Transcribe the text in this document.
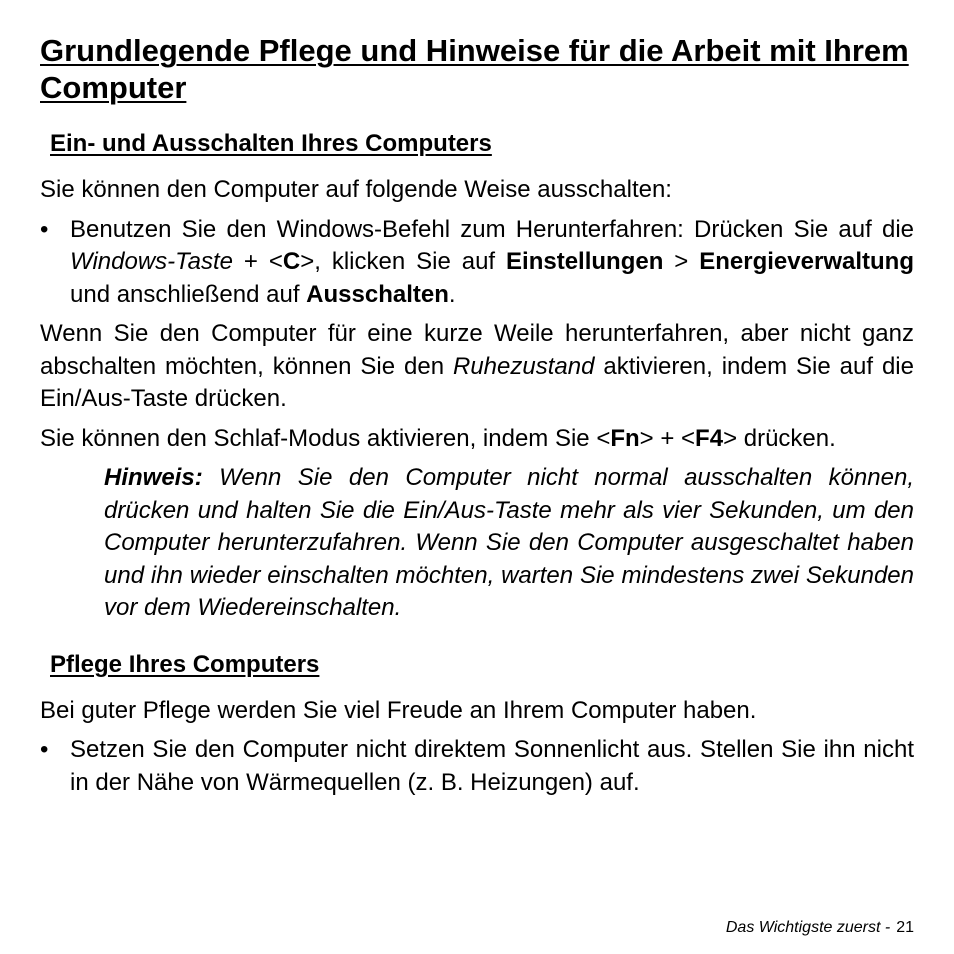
Grundlegende Pflege und Hinweise für die Arbeit mit Ihrem Computer
Ein- und Ausschalten Ihres Computers

Sie können den Computer auf folgende Weise ausschalten:

• Benutzen Sie den Windows-Befehl zum Herunterfahren: Drücken Sie auf die Windows-Taste + <C>, klicken Sie auf Einstellungen > Energieverwaltung und anschließend auf Ausschalten.

Wenn Sie den Computer für eine kurze Weile herunterfahren, aber nicht ganz abschalten möchten, können Sie den Ruhezustand aktivieren, indem Sie auf die Ein/Aus-Taste drücken.

Sie können den Schlaf-Modus aktivieren, indem Sie <Fn> + <F4> drücken.

Hinweis: Wenn Sie den Computer nicht normal ausschalten können, drücken und halten Sie die Ein/Aus-Taste mehr als vier Sekunden, um den Computer herunterzufahren. Wenn Sie den Computer ausgeschaltet haben und ihn wieder einschalten möchten, warten Sie mindestens zwei Sekunden vor dem Wiedereinschalten.

Pflege Ihres Computers

Bei guter Pflege werden Sie viel Freude an Ihrem Computer haben.

• Setzen Sie den Computer nicht direktem Sonnenlicht aus. Stellen Sie ihn nicht in der Nähe von Wärmequellen (z. B. Heizungen) auf.
Das Wichtigste zuerst - 21
